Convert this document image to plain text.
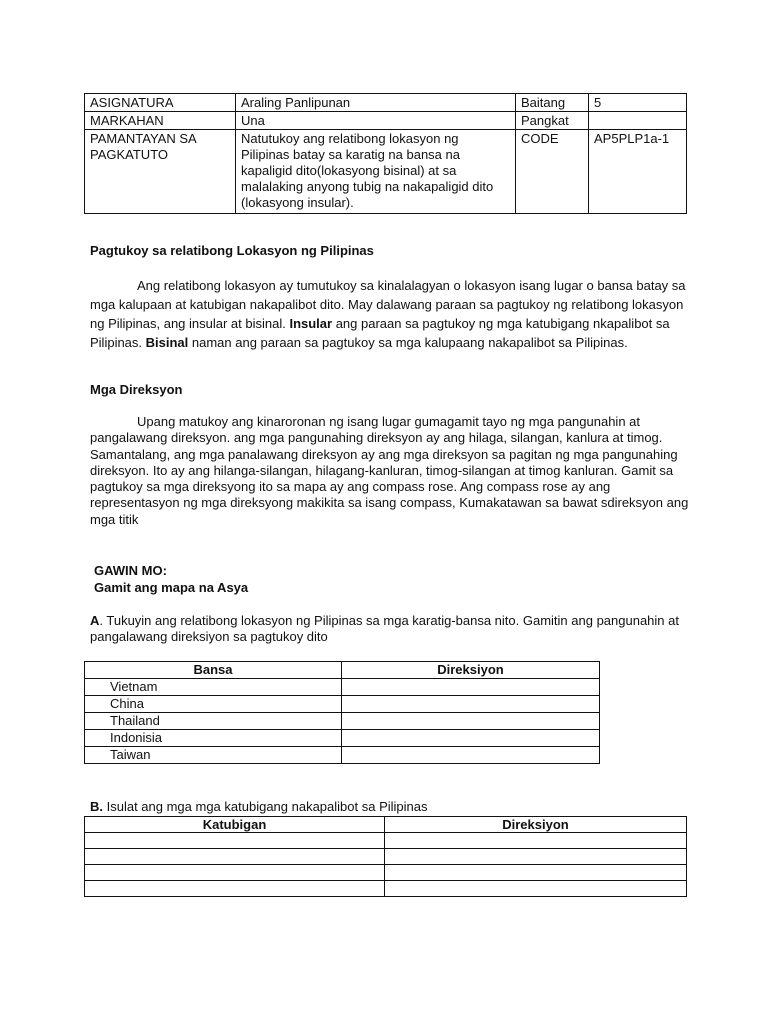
ASIGNATURA	Araling Panlipunan	Baitang	5
MARKAHAN	Una	Pangkat	
PAMANTAYAN SA PAGKATUTO	Natutukoy ang relatibong lokasyon ng Pilipinas batay sa karatig na bansa na kapaligid dito(lokasyong bisinal) at sa malalaking anyong tubig na nakapaligid dito (lokasyong insular).	CODE	AP5PLP1a-1
Pagtukoy sa relatibong Lokasyon ng Pilipinas
Ang relatibong lokasyon ay tumutukoy sa kinalalagyan o lokasyon isang lugar o bansa batay sa mga kalupaan at katubigan nakapalibot dito. May dalawang paraan sa pagtukoy ng relatibong lokasyon ng Pilipinas, ang insular at bisinal. Insular ang paraan sa pagtukoy ng mga katubigang nkapalibot sa Pilipinas. Bisinal naman ang paraan sa pagtukoy sa mga kalupaang nakapalibot sa Pilipinas.
Mga Direksyon
Upang matukoy ang kinaroronan ng isang lugar gumagamit tayo ng mga pangunahin at pangalawang direksyon. ang mga pangunahing direksyon ay ang hilaga, silangan, kanlura at timog. Samantalang, ang mga panalawang direksyon ay ang mga direksyon sa pagitan ng mga pangunahing direksyon. Ito ay ang hilanga-silangan, hilagang-kanluran, timog-silangan at timog kanluran. Gamit sa pagtukoy sa mga direksyong ito sa mapa ay ang compass rose. Ang compass rose ay ang representasyon ng mga direksyong makikita sa isang compass, Kumakatawan sa bawat sdireksyon ang mga titik
GAWIN MO:
Gamit ang mapa na Asya
A. Tukuyin ang relatibong lokasyon ng Pilipinas sa mga karatig-bansa nito. Gamitin ang pangunahin at pangalawang direksiyon sa pagtukoy dito
Bansa	Direksiyon
Vietnam	
China	
Thailand	
Indonisia	
Taiwan	
B. Isulat ang mga mga katubigang nakapalibot sa Pilipinas
Katubigan	Direksiyon
